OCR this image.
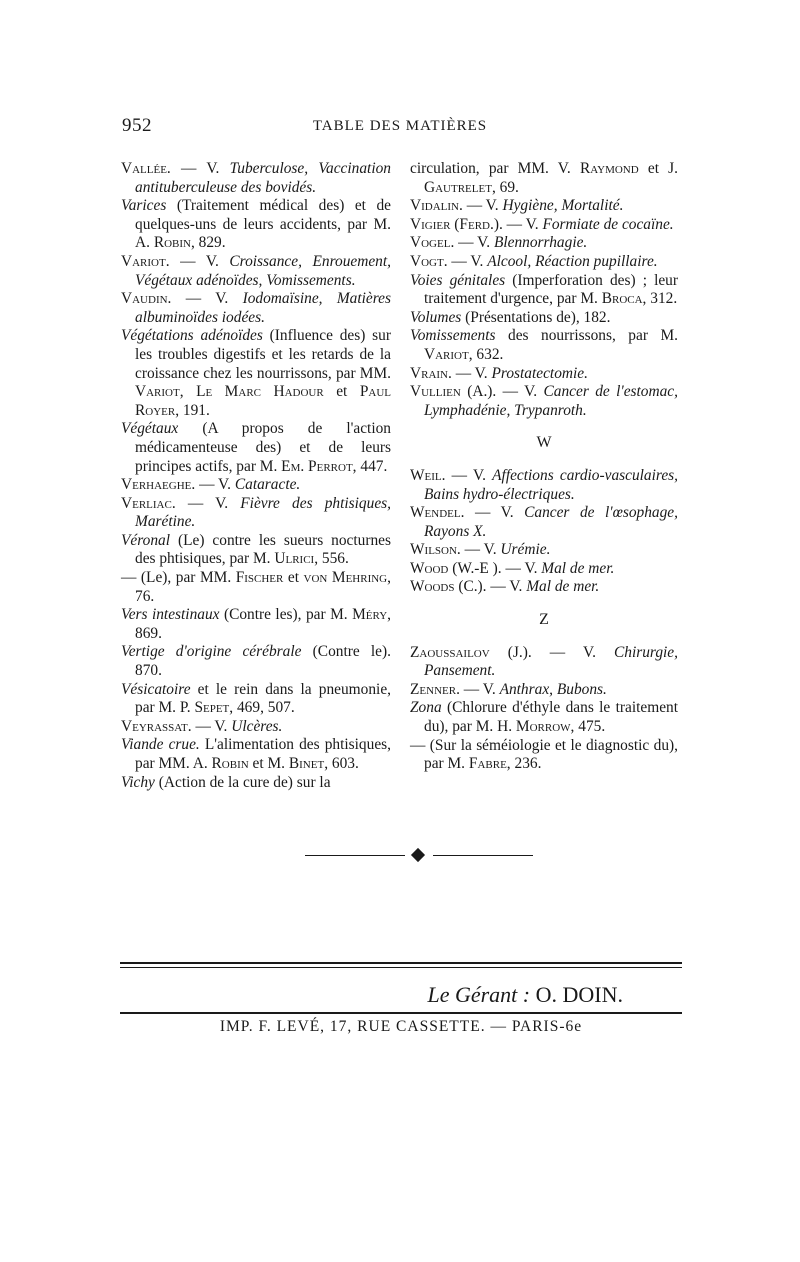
952	TABLE DES MATIÈRES

Vallée. — V. Tuberculose, Vaccination antituberculeuse des bovidés.

Varices (Traitement médical des) et de quelques-uns de leurs accidents, par M. A. Robin, 829.

Variot. — V. Croissance, Enrouement, Végétaux adénoïdes, Vomissements.

Vaudin. — V. Iodomaïsine, Matières albuminoïdes iodées.

Végétations adénoïdes (Influence des) sur les troubles digestifs et les retards de la croissance chez les nourrissons, par MM. Variot, Le Marc Hadour et Paul Royer, 191.

Végétaux (A propos de l'action médicamenteuse des) et de leurs principes actifs, par M. Em. Perrot, 447.

Verhaeghe. — V. Cataracte.

Verliac. — V. Fièvre des phtisiques, Marétine.

Véronal (Le) contre les sueurs nocturnes des phtisiques, par M. Ulrici, 556.

— (Le), par MM. Fischer et von Mehring, 76.

Vers intestinaux (Contre les), par M. Méry, 869.

Vertige d'origine cérébrale (Contre le). 870.

Vésicatoire et le rein dans la pneumonie, par M. P. Sepet, 469, 507.

Veyrassat. — V. Ulcères.

Viande crue. L'alimentation des phtisiques, par MM. A. Robin et M. Binet, 603.

Vichy (Action de la cure de) sur la

circulation, par MM. V. Raymond et J. Gautrelet, 69.

Vidalin. — V. Hygiène, Mortalité.

Vigier (Ferd.). — V. Formiate de cocaïne.

Vogel. — V. Blennorrhagie.

Vogt. — V. Alcool, Réaction pupillaire.

Voies génitales (Imperforation des) ; leur traitement d'urgence, par M. Broca, 312.

Volumes (Présentations de), 182.

Vomissements des nourrissons, par M. Variot, 632.

Vrain. — V. Prostatectomie.

Vullien (A.). — V. Cancer de l'estomac, Lymphadénie, Trypanroth.

W

Weil. — V. Affections cardio-vasculaires, Bains hydro-électriques.

Wendel. — V. Cancer de l'œsophage, Rayons X.

Wilson. — V. Urémie.

Wood (W.-E ). — V. Mal de mer.

Woods (C.). — V. Mal de mer.

Z

Zaoussailov (J.). — V. Chirurgie, Pansement.

Zenner. — V. Anthrax, Bubons.

Zona (Chlorure d'éthyle dans le traitement du), par M. H. Morrow, 475.

— (Sur la séméiologie et le diagnostic du), par M. Fabre, 236.

Le Gérant : O. DOIN.
IMP. F. LEVÉ, 17, RUE CASSETTE. — PARIS-6e
